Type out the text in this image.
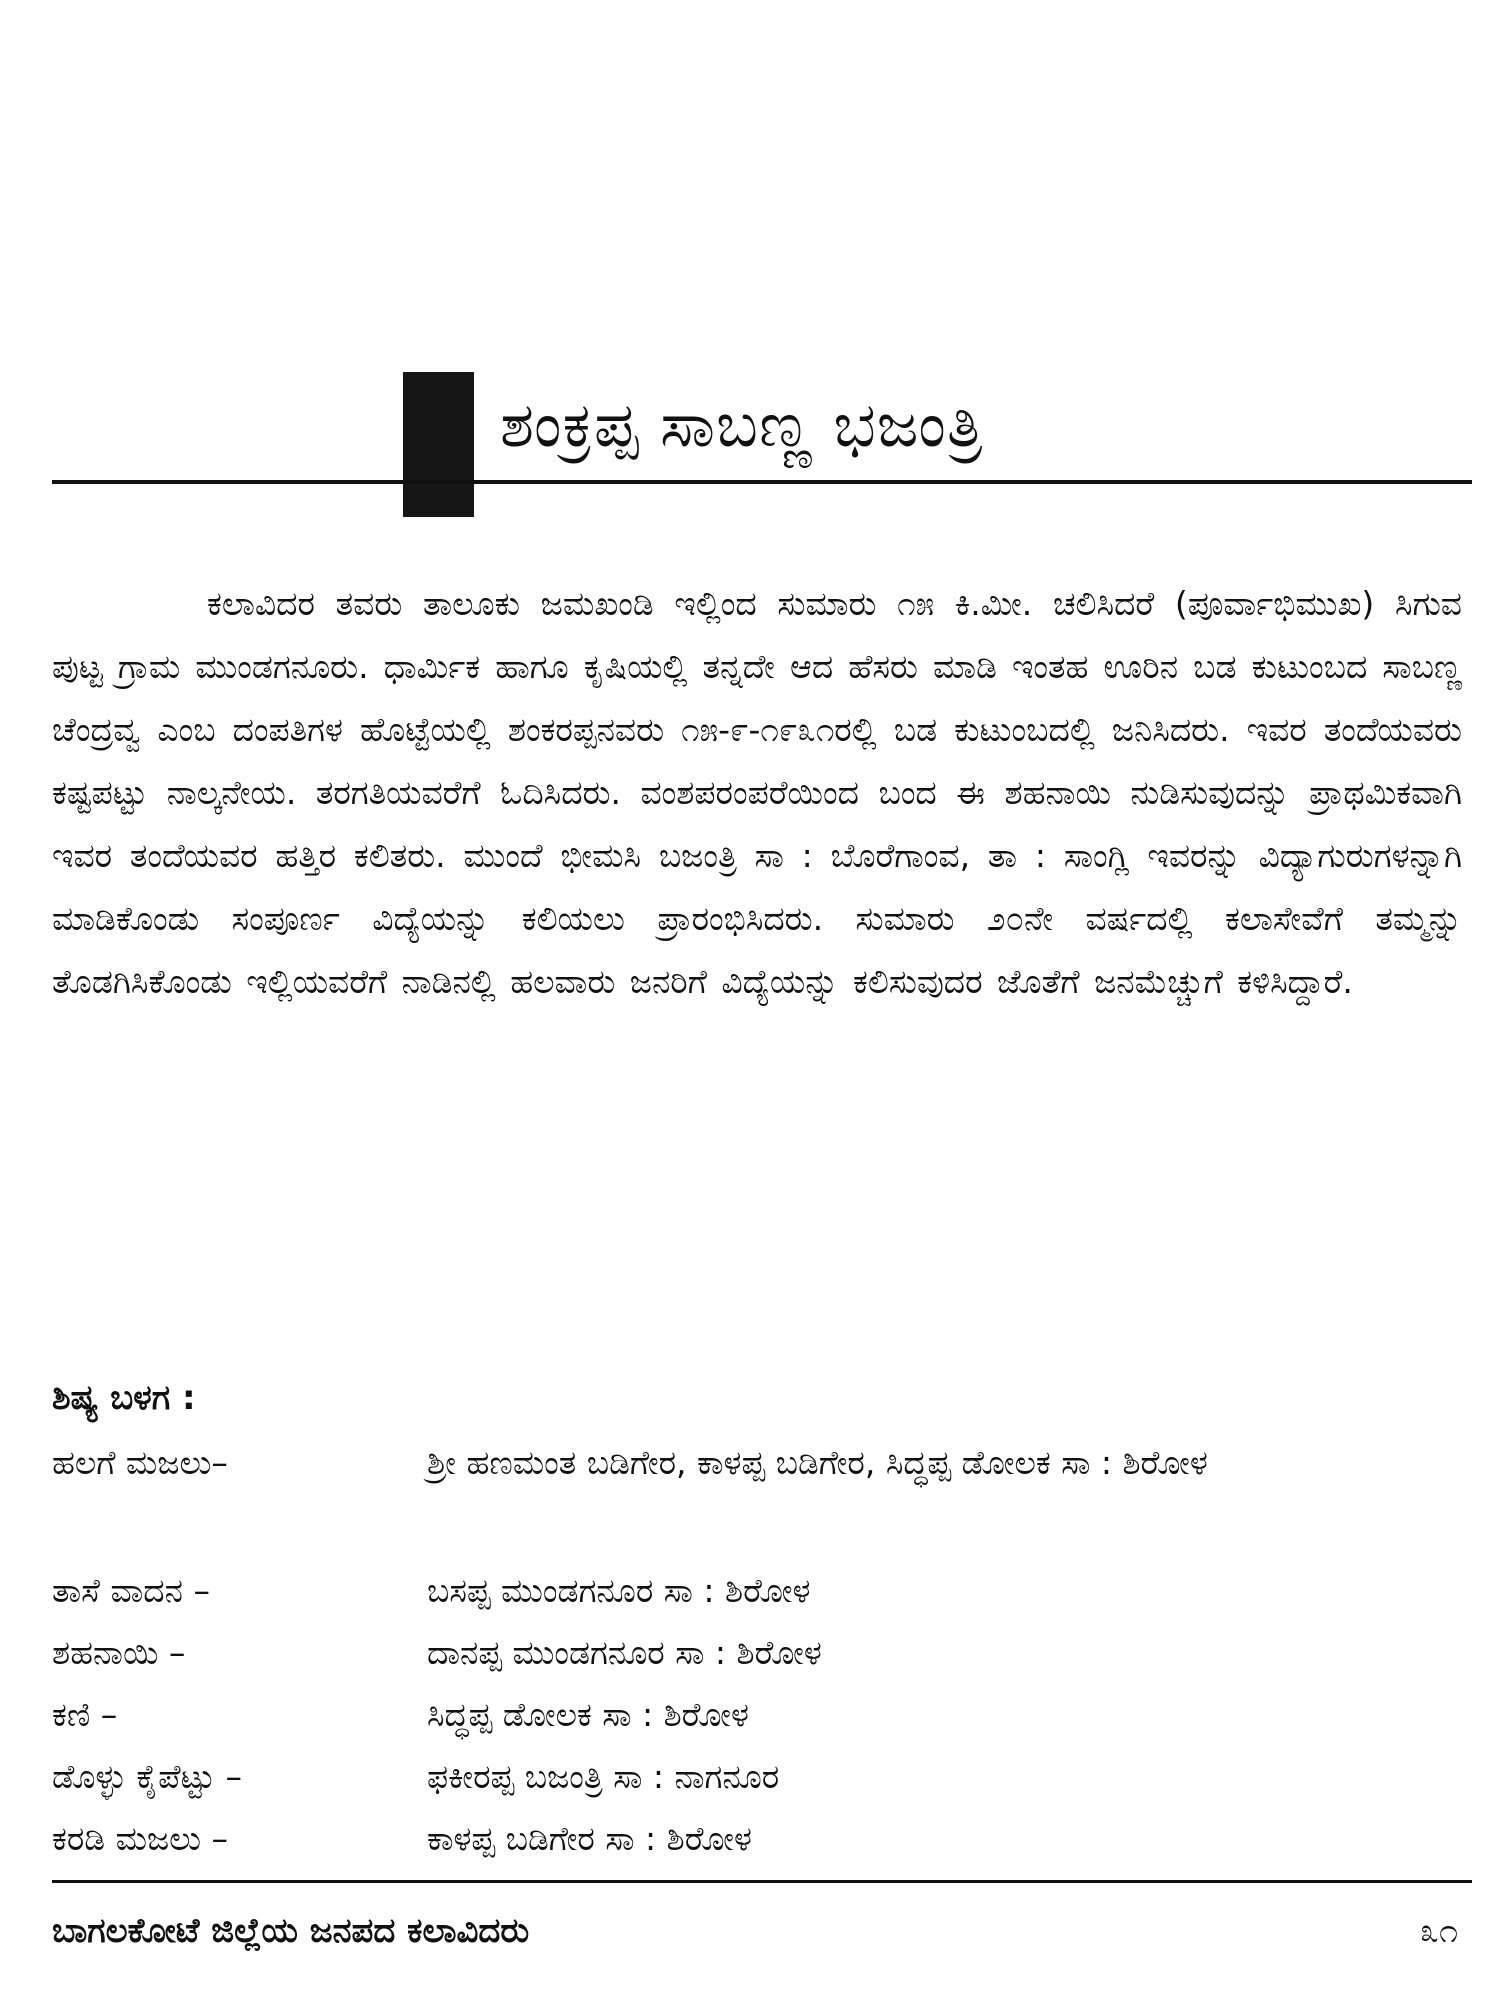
ಶಂಕ್ರಪ್ಪ ಸಾಬಣ್ಣ ಭಜಂತ್ರಿ

ಕಲಾವಿದರ ತವರು ತಾಲೂಕು ಜಮಖಂಡಿ ಇಲ್ಲಿಂದ ಸುಮಾರು ೧೫ ಕಿ.ಮೀ. ಚಲಿಸಿದರೆ (ಪೂರ್ವಾಭಿಮುಖ) ಸಿಗುವ ಪುಟ್ಟ ಗ್ರಾಮ ಮುಂಡಗನೂರು. ಧಾರ್ಮಿಕ ಹಾಗೂ ಕೃಷಿಯಲ್ಲಿ ತನ್ನದೇ ಆದ ಹೆಸರು ಮಾಡಿ ಇಂತಹ ಊರಿನ ಬಡ ಕುಟುಂಬದ ಸಾಬಣ್ಣ ಚೆಂದ್ರವ್ವ ಎಂಬ ದಂಪತಿಗಳ ಹೊಟ್ಟೆಯಲ್ಲಿ ಶಂಕರಪ್ಪನವರು ೧೫-೯-೧೯೩೧ರಲ್ಲಿ ಬಡ ಕುಟುಂಬದಲ್ಲಿ ಜನಿಸಿದರು. ಇವರ ತಂದೆಯವರು ಕಷ್ಟಪಟ್ಟು ನಾಲ್ಕನೇಯ. ತರಗತಿಯವರೆಗೆ ಓದಿಸಿದರು. ವಂಶಪರಂಪರೆಯಿಂದ ಬಂದ ಈ ಶಹನಾಯಿ ನುಡಿಸುವುದನ್ನು ಪ್ರಾಥಮಿಕವಾಗಿ ಇವರ ತಂದೆಯವರ ಹತ್ತಿರ ಕಲಿತರು. ಮುಂದೆ ಭೀಮಸಿ ಬಜಂತ್ರಿ ಸಾ : ಬೊರೆಗಾಂವ, ತಾ : ಸಾಂಗ್ಲಿ ಇವರನ್ನು ವಿದ್ಯಾಗುರುಗಳನ್ನಾಗಿ ಮಾಡಿಕೊಂಡು ಸಂಪೂರ್ಣ ವಿದ್ಯೆಯನ್ನು ಕಲಿಯಲು ಪ್ರಾರಂಭಿಸಿದರು. ಸುಮಾರು ೨೦ನೇ ವರ್ಷದಲ್ಲಿ ಕಲಾಸೇವೆಗೆ ತಮ್ಮನ್ನು ತೊಡಗಿಸಿಕೊಂಡು ಇಲ್ಲಿಯವರೆಗೆ ನಾಡಿನಲ್ಲಿ ಹಲವಾರು ಜನರಿಗೆ ವಿದ್ಯೆಯನ್ನು ಕಲಿಸುವುದರ ಜೊತೆಗೆ ಜನಮೆಚ್ಚುಗೆ ಕಳಿಸಿದ್ದಾರೆ.

ಶಿಷ್ಯ ಬಳಗ :
ಹಲಗೆ ಮಜಲು–	ಶ್ರೀ ಹಣಮಂತ ಬಡಿಗೇರ, ಕಾಳಪ್ಪ ಬಡಿಗೇರ, ಸಿದ್ಧಪ್ಪ ಡೋಲಕ ಸಾ : ಶಿರೋಳ
ತಾಸೆ ವಾದನ –	ಬಸಪ್ಪ ಮುಂಡಗನೂರ ಸಾ : ಶಿರೋಳ
ಶಹನಾಯಿ –	ದಾನಪ್ಪ ಮುಂಡಗನೂರ ಸಾ : ಶಿರೋಳ
ಕಣಿ –	ಸಿದ್ಧಪ್ಪ ಡೋಲಕ ಸಾ : ಶಿರೋಳ
ಡೊಳ್ಳು ಕೈಪೆಟ್ಟು –	ಫಕೀರಪ್ಪ ಬಜಂತ್ರಿ ಸಾ : ನಾಗನೂರ
ಕರಡಿ ಮಜಲು –	ಕಾಳಪ್ಪ ಬಡಿಗೇರ ಸಾ : ಶಿರೋಳ
ಬಾಗಲಕೋಟೆ ಜಿಲ್ಲೆಯ ಜನಪದ ಕಲಾವಿದರು	೩೧
